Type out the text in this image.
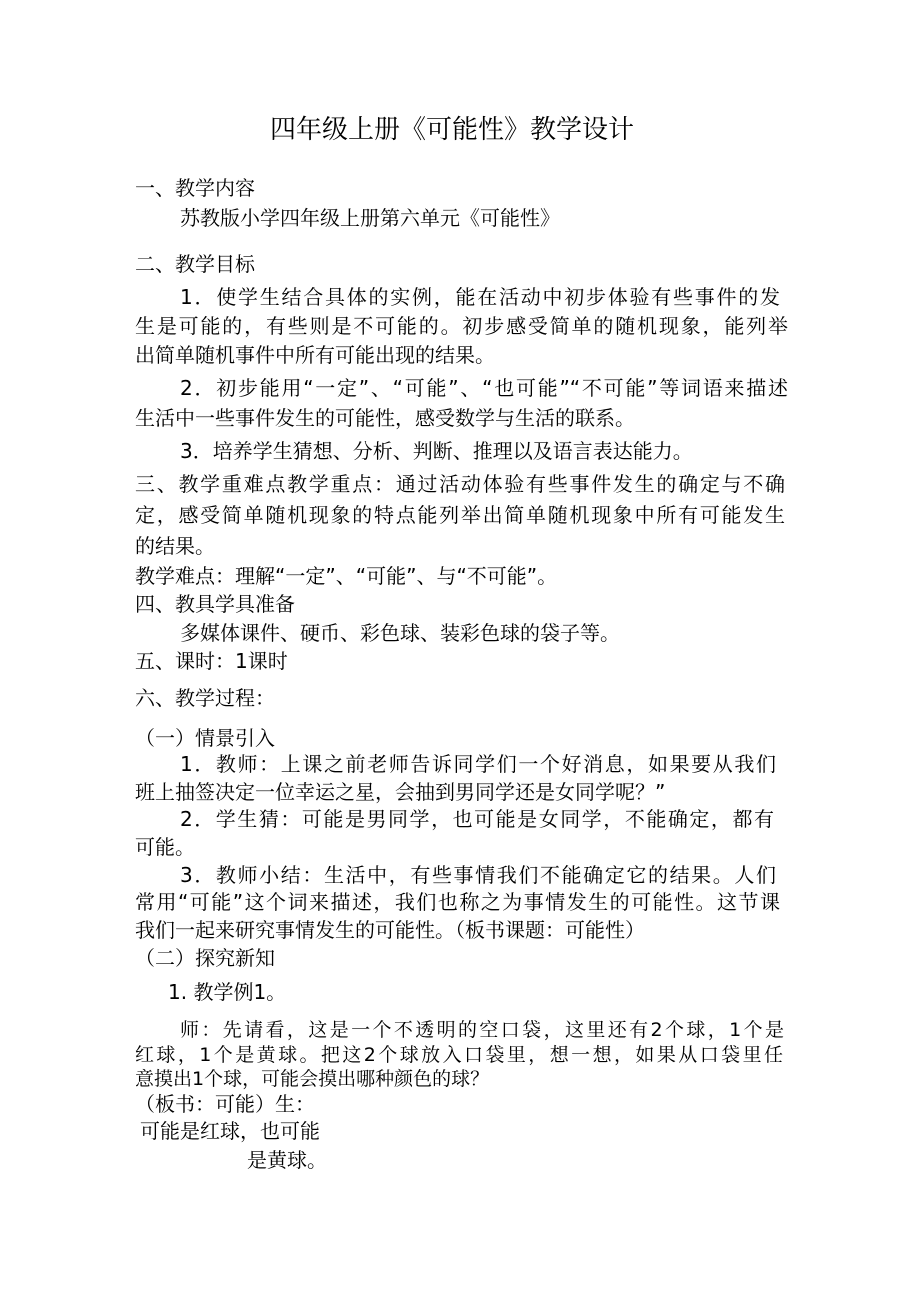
四年级上册《可能性》教学设计
一、教学内容
苏教版小学四年级上册第六单元《可能性》
二、教学目标
1．使学生结合具体的实例，能在活动中初步体验有些事件的发
生是可能的，有些则是不可能的。初步感受简单的随机现象，能列举
出简单随机事件中所有可能出现的结果。
2．初步能用“一定”、“可能”、“也可能”“不可能”等词语来描述
生活中一些事件发生的可能性，感受数学与生活的联系。
3．培养学生猜想、分析、判断、推理以及语言表达能力。
三、教学重难点教学重点：通过活动体验有些事件发生的确定与不确
定，感受简单随机现象的特点能列举出简单随机现象中所有可能发生
的结果。
教学难点：理解“一定”、“可能”、与“不可能”。
四、教具学具准备
多媒体课件、硬币、彩色球、装彩色球的袋子等。
五、课时：1课时
六、教学过程：
（一）情景引入
1．教师：上课之前老师告诉同学们一个好消息，如果要从我们
班上抽签决定一位幸运之星，会抽到男同学还是女同学呢？”
2．学生猜：可能是男同学，也可能是女同学，不能确定，都有
可能。
3．教师小结：生活中，有些事情我们不能确定它的结果。人们
常用“可能”这个词来描述，我们也称之为事情发生的可能性。这节课
我们一起来研究事情发生的可能性。（板书课题：可能性）
（二）探究新知
1. 教学例1。
师：先请看，这是一个不透明的空口袋，这里还有2个球，1个是
红球，1个是黄球。把这2个球放入口袋里，想一想，如果从口袋里任
意摸出1个球，可能会摸出哪种颜色的球？
（板书：可能）生：
可能是红球，也可能
是黄球。
